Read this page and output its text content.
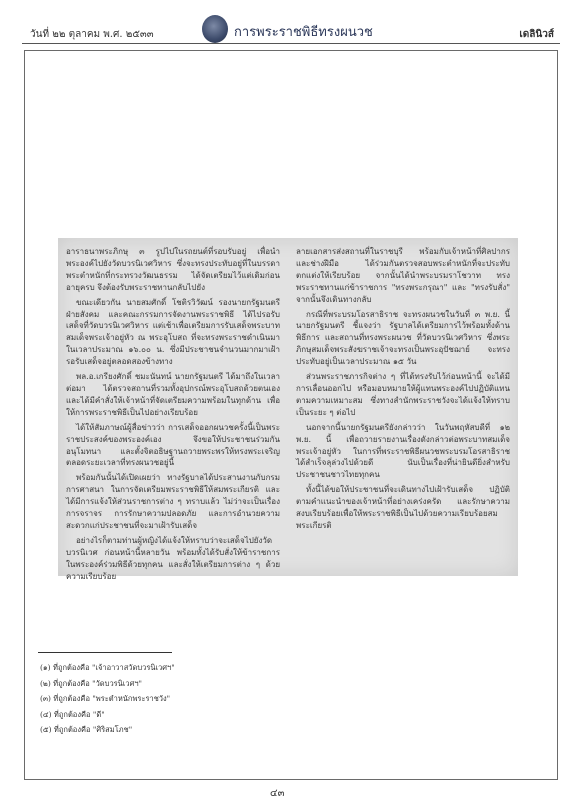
วันที่ ๒๒ ตุลาคม พ.ศ. ๒๕๓๓	การพระราชพิธีทรงผนวช	เดลินิวส์

อาราธนาพระภิกษุ ๓ รูปไปในรถยนต์ที่รอบรับอยู่ เพื่อนำพระองค์ไปยังวัดบวรนิเวศวิหาร ซึ่งจะทรงประทับอยู่ที่ในบรรดาพระตำหนักที่กระทรวงวัฒนธรรม ได้จัดเตรียมไว้แต่เดิมก่อนอายุครบ จึงต้องรับพระราชทานกลับไปยัง

ขณะเดียวกัน นายสมศักดิ์ โชติรวิวัฒน์ รองนายกรัฐมนตรีฝ่ายสังคม และคณะกรรมการจัดงานพระราชพิธี ได้ไปรอรับเสด็จที่วัดบวรนิเวศวิหาร แต่เช้าเพื่อเตรียมการรับเสด็จพระบาทสมเด็จพระเจ้าอยู่หัว ณ พระอุโบสถ ที่จะทรงพระราชดำเนินมาในเวลาประมาณ ๑๖.๐๐ น. ซึ่งมีประชาชนจำนวนมากมาเฝ้ารอรับเสด็จอยู่ตลอดสองข้างทาง

พล.อ.เกรียงศักดิ์ ชมะนันทน์ นายกรัฐมนตรี ได้มาถึงในเวลาต่อมา ได้ตรวจสถานที่รวมทั้งอุปกรณ์พระอุโบสถด้วยตนเอง และได้มีคำสั่งให้เจ้าหน้าที่จัดเตรียมความพร้อมในทุกด้าน เพื่อให้การพระราชพิธีเป็นไปอย่างเรียบร้อย

ได้ให้สัมภาษณ์ผู้สื่อข่าวว่า การเสด็จออกผนวชครั้งนี้เป็นพระราชประสงค์ของพระองค์เอง จึงขอให้ประชาชนร่วมกันอนุโมทนา และตั้งจิตอธิษฐานถวายพระพรให้ทรงพระเจริญ ตลอดระยะเวลาที่ทรงผนวชอยู่นี้

พร้อมกันนั้นได้เปิดเผยว่า ทางรัฐบาลได้ประสานงานกับกรมการศาสนา ในการจัดเตรียมพระราชพิธีให้สมพระเกียรติ และได้มีการแจ้งให้ส่วนราชการต่าง ๆ ทราบแล้ว ไม่ว่าจะเป็นเรื่องการจราจร การรักษาความปลอดภัย และการอำนวยความสะดวกแก่ประชาชนที่จะมาเฝ้ารับเสด็จ

อย่างไรก็ตามท่านผู้หญิงได้แจ้งให้ทราบว่าจะเสด็จไปยังวัดบวรนิเวศ ก่อนหน้านี้หลายวัน พร้อมทั้งได้รับสั่งให้ข้าราชการในพระองค์ร่วมพิธีด้วยทุกคน และสั่งให้เตรียมการต่าง ๆ ด้วยความเรียบร้อย

ลายเอกสารส่งสถานที่ในราชบุรี พร้อมกับเจ้าหน้าที่ศิลปากรและช่างฝีมือ ได้ร่วมกันตรวจสอบพระตำหนักที่จะประทับ ตกแต่งให้เรียบร้อย จากนั้นได้นำพระบรมราโชวาท ทรงพระราชทานแก่ข้าราชการ "ทรงพระกรุณา" และ "ทรงรับสั่ง" จากนั้นจึงเดินทางกลับ

กรณีที่พระบรมโอรสาธิราช จะทรงผนวชในวันที่ ๓ พ.ย. นี้ นายกรัฐมนตรี ชี้แจงว่า รัฐบาลได้เตรียมการไว้พร้อมทั้งด้านพิธีการ และสถานที่ทรงพระผนวช ที่วัดบวรนิเวศวิหาร ซึ่งพระภิกษุสมเด็จพระสังฆราชเจ้าจะทรงเป็นพระอุปัชฌาย์ จะทรงประทับอยู่เป็นเวลาประมาณ ๑๕ วัน

ส่วนพระราชภารกิจต่าง ๆ ที่ได้ทรงรับไว้ก่อนหน้านี้ จะได้มีการเลื่อนออกไป หรือมอบหมายให้ผู้แทนพระองค์ไปปฏิบัติแทน ตามความเหมาะสม ซึ่งทางสำนักพระราชวังจะได้แจ้งให้ทราบเป็นระยะ ๆ ต่อไป

นอกจากนี้นายกรัฐมนตรียังกล่าวว่า ในวันพฤหัสบดีที่ ๑๒ พ.ย. นี้ เพื่อถวายรายงานเรื่องดังกล่าวต่อพระบาทสมเด็จพระเจ้าอยู่หัว ในการที่พระราชพิธีผนวชพระบรมโอรสาธิราช ได้สำเร็จลุล่วงไปด้วยดี นับเป็นเรื่องที่น่ายินดียิ่งสำหรับประชาชนชาวไทยทุกคน

ทั้งนี้ได้ขอให้ประชาชนที่จะเดินทางไปเฝ้ารับเสด็จ ปฏิบัติตามคำแนะนำของเจ้าหน้าที่อย่างเคร่งครัด และรักษาความสงบเรียบร้อยเพื่อให้พระราชพิธีเป็นไปด้วยความเรียบร้อยสมพระเกียรติ

(๑) ที่ถูกต้องคือ "เจ้าอาวาสวัดบวรนิเวศฯ"
(๒) ที่ถูกต้องคือ "วัดบวรนิเวศฯ"
(๓) ที่ถูกต้องคือ "พระตำหนักพระราชวัง"
(๔) ที่ถูกต้องคือ "ดี"
(๕) ที่ถูกต้องคือ "ศิริสมโภช"
๔๓
